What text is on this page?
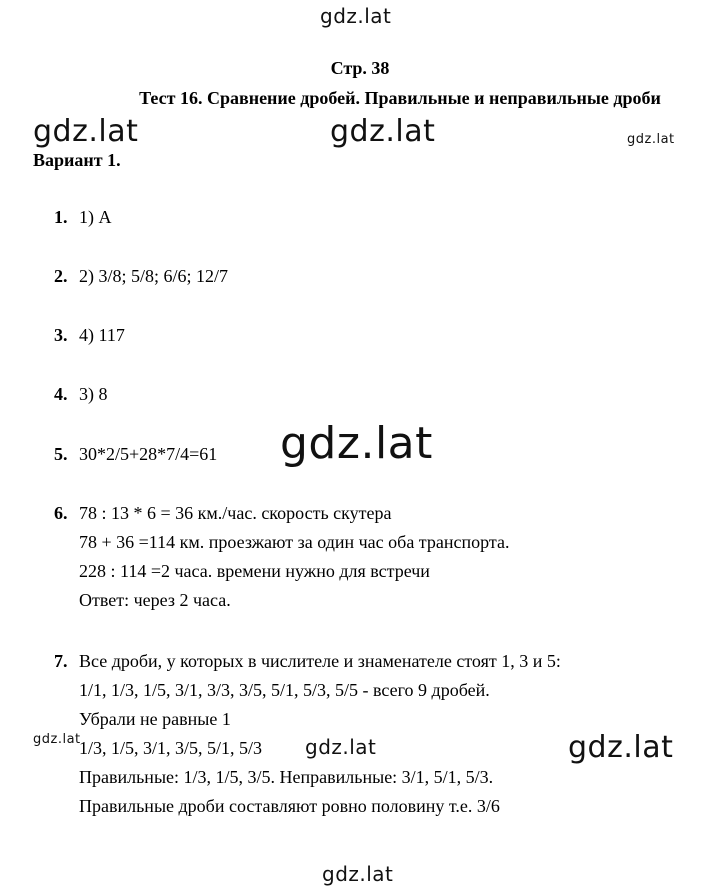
gdz.lat
gdz.lat	gdz.lat	gdz.lat
gdz.lat
gdz.lat	gdz.lat	gdz.lat
gdz.lat
Стр. 38
Тест 16. Сравнение дробей. Правильные и неправильные дроби
Вариант 1.
1. 1) А
2. 2) 3/8; 5/8; 6/6; 12/7
3. 4) 117
4. 3) 8
5. 30*2/5+28*7/4=61
6. 78 : 13 * 6 = 36 км./час. скорость скутера
78 + 36 =114 км. проезжают за один час оба транспорта.
228 : 114 =2 часа. времени нужно для встречи
Ответ: через 2 часа.
7. Все дроби, у которых в числителе и знаменателе стоят 1, 3 и 5:
1/1, 1/3, 1/5, 3/1, 3/3, 3/5, 5/1, 5/3, 5/5 - всего 9 дробей.
Убрали не равные 1
1/3, 1/5, 3/1, 3/5, 5/1, 5/3
Правильные: 1/3, 1/5, 3/5. Неправильные: 3/1, 5/1, 5/3.
Правильные дроби составляют ровно половину т.е. 3/6
